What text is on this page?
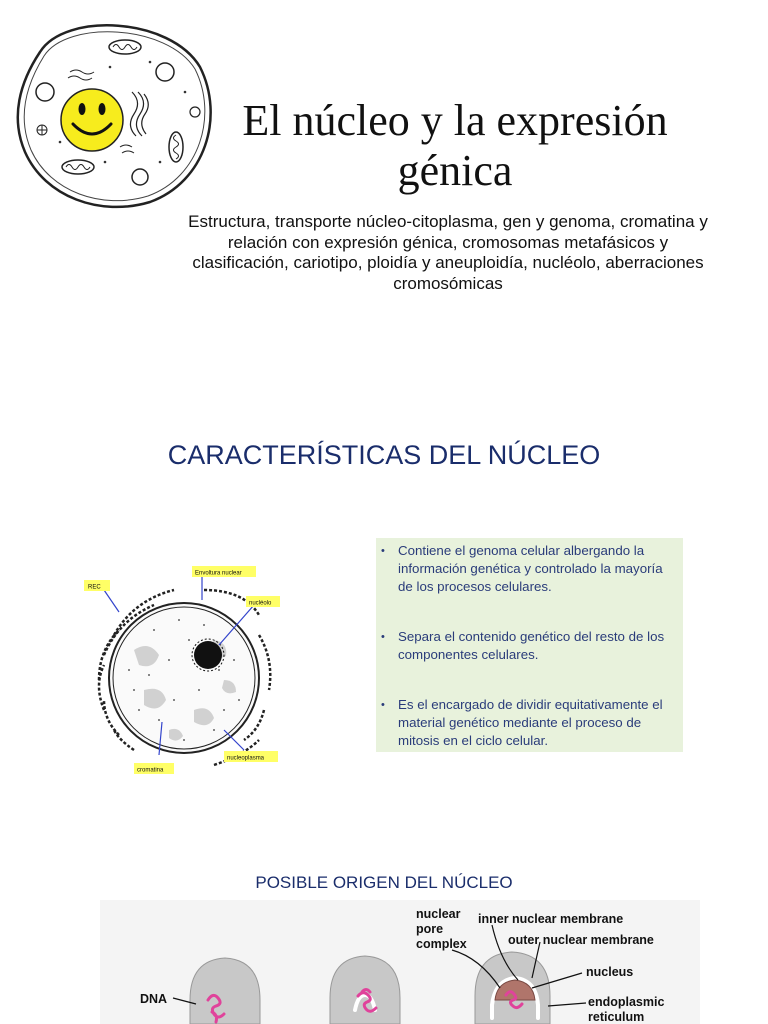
El núcleo y la expresión génica
Estructura, transporte núcleo-citoplasma, gen y genoma, cromatina y relación con expresión génica, cromosomas metafásicos y clasificación, cariotipo, ploidía y aneuploidía, nucléolo, aberraciones cromosómicas
CARACTERÍSTICAS DEL NÚCLEO
REC
Envoltura nuclear
nucléolo
cromatina
nucleoplasma
• Contiene el genoma celular albergando la información genética y controlado la mayoría de los procesos celulares.
• Separa el contenido genético del resto de los componentes celulares.
• Es el encargado de dividir equitativamente el material genético mediante el proceso de mitosis en el ciclo celular.
POSIBLE ORIGEN DEL NÚCLEO
DNA
nuclear pore complex
inner nuclear membrane
outer nuclear membrane
nucleus
endoplasmic reticulum
